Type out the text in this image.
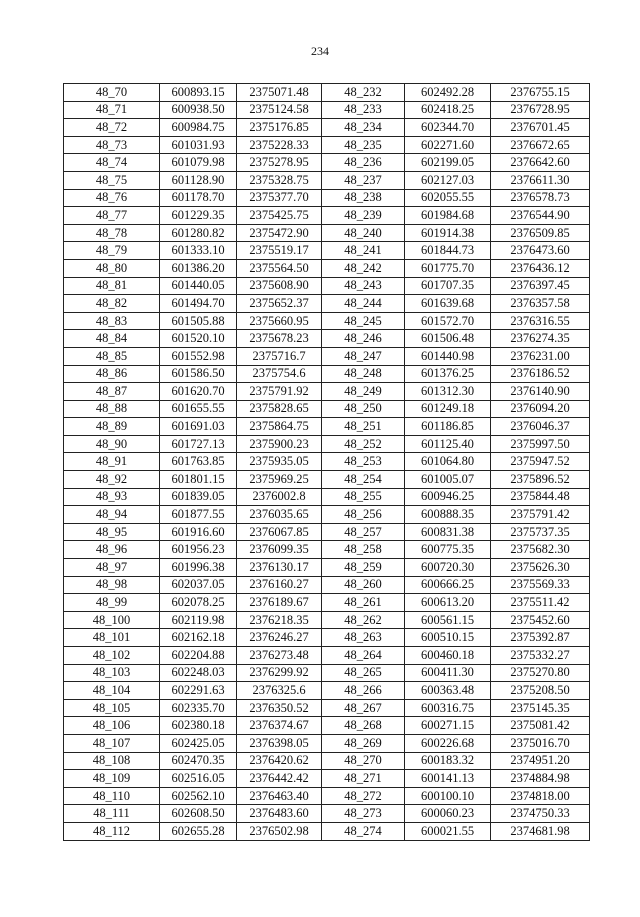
234
48_70	600893.15	2375071.48	48_232	602492.28	2376755.15
48_71	600938.50	2375124.58	48_233	602418.25	2376728.95
48_72	600984.75	2375176.85	48_234	602344.70	2376701.45
48_73	601031.93	2375228.33	48_235	602271.60	2376672.65
48_74	601079.98	2375278.95	48_236	602199.05	2376642.60
48_75	601128.90	2375328.75	48_237	602127.03	2376611.30
48_76	601178.70	2375377.70	48_238	602055.55	2376578.73
48_77	601229.35	2375425.75	48_239	601984.68	2376544.90
48_78	601280.82	2375472.90	48_240	601914.38	2376509.85
48_79	601333.10	2375519.17	48_241	601844.73	2376473.60
48_80	601386.20	2375564.50	48_242	601775.70	2376436.12
48_81	601440.05	2375608.90	48_243	601707.35	2376397.45
48_82	601494.70	2375652.37	48_244	601639.68	2376357.58
48_83	601505.88	2375660.95	48_245	601572.70	2376316.55
48_84	601520.10	2375678.23	48_246	601506.48	2376274.35
48_85	601552.98	2375716.7	48_247	601440.98	2376231.00
48_86	601586.50	2375754.6	48_248	601376.25	2376186.52
48_87	601620.70	2375791.92	48_249	601312.30	2376140.90
48_88	601655.55	2375828.65	48_250	601249.18	2376094.20
48_89	601691.03	2375864.75	48_251	601186.85	2376046.37
48_90	601727.13	2375900.23	48_252	601125.40	2375997.50
48_91	601763.85	2375935.05	48_253	601064.80	2375947.52
48_92	601801.15	2375969.25	48_254	601005.07	2375896.52
48_93	601839.05	2376002.8	48_255	600946.25	2375844.48
48_94	601877.55	2376035.65	48_256	600888.35	2375791.42
48_95	601916.60	2376067.85	48_257	600831.38	2375737.35
48_96	601956.23	2376099.35	48_258	600775.35	2375682.30
48_97	601996.38	2376130.17	48_259	600720.30	2375626.30
48_98	602037.05	2376160.27	48_260	600666.25	2375569.33
48_99	602078.25	2376189.67	48_261	600613.20	2375511.42
48_100	602119.98	2376218.35	48_262	600561.15	2375452.60
48_101	602162.18	2376246.27	48_263	600510.15	2375392.87
48_102	602204.88	2376273.48	48_264	600460.18	2375332.27
48_103	602248.03	2376299.92	48_265	600411.30	2375270.80
48_104	602291.63	2376325.6	48_266	600363.48	2375208.50
48_105	602335.70	2376350.52	48_267	600316.75	2375145.35
48_106	602380.18	2376374.67	48_268	600271.15	2375081.42
48_107	602425.05	2376398.05	48_269	600226.68	2375016.70
48_108	602470.35	2376420.62	48_270	600183.32	2374951.20
48_109	602516.05	2376442.42	48_271	600141.13	2374884.98
48_110	602562.10	2376463.40	48_272	600100.10	2374818.00
48_111	602608.50	2376483.60	48_273	600060.23	2374750.33
48_112	602655.28	2376502.98	48_274	600021.55	2374681.98
